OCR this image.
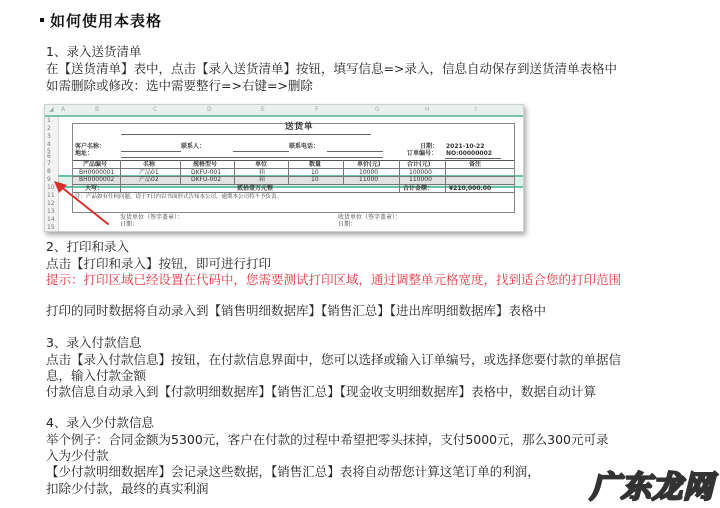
如何使用本表格
1、录入送货清单
在【送货清单】表中，点击【录入送货清单】按钮，填写信息=>录入，信息自动保存到送货清单表格中
如需删除或修改：选中需要整行=>右键=>删除
◢ A	B	C	D	E	F	G	H	I
1
2
3
4
5
6
7
8
9
10
11
12
13
14
15
送货单
客户名称：	联系人：	联系电话：	日期： 2021-10-22
地址：	订单编号： NO:00000002
产品编号	名称	规格型号	单位	数量	单价(元)	合计(元)	备注
BH0000001	产品01	DKFU-001	箱	10	10000	100000
BH0000002	产品02	DKFU-002	箱	10	11000	110000
大写：	贰拾壹万元整	合计金额：	¥210,000.00
注：产品如有任何问题，请于7日内以书面形式告知本公司，逾期本公司将不予负责。
发货单位（签字盖章）：
日期：
收货单位（签字盖章）：
日期：
2、打印和录入
点击【打印和录入】按钮，即可进行打印
提示：打印区域已经设置在代码中，您需要测试打印区域，通过调整单元格宽度，找到适合您的打印范围
打印的同时数据将自动录入到【销售明细数据库】【销售汇总】【进出库明细数据库】表格中
3、录入付款信息
点击【录入付款信息】按钮，在付款信息界面中，您可以选择或输入订单编号，或选择您要付款的单据信
息，输入付款金额
付款信息自动录入到【付款明细数据库】【销售汇总】【现金收支明细数据库】表格中，数据自动计算
4、录入少付款信息
举个例子：合同金额为5300元，客户在付款的过程中希望把零头抹掉，支付5000元，那么300元可录
入为少付款
【少付款明细数据库】会记录这些数据，【销售汇总】表将自动帮您计算这笔订单的利润，
扣除少付款，最终的真实利润	广东龙网
